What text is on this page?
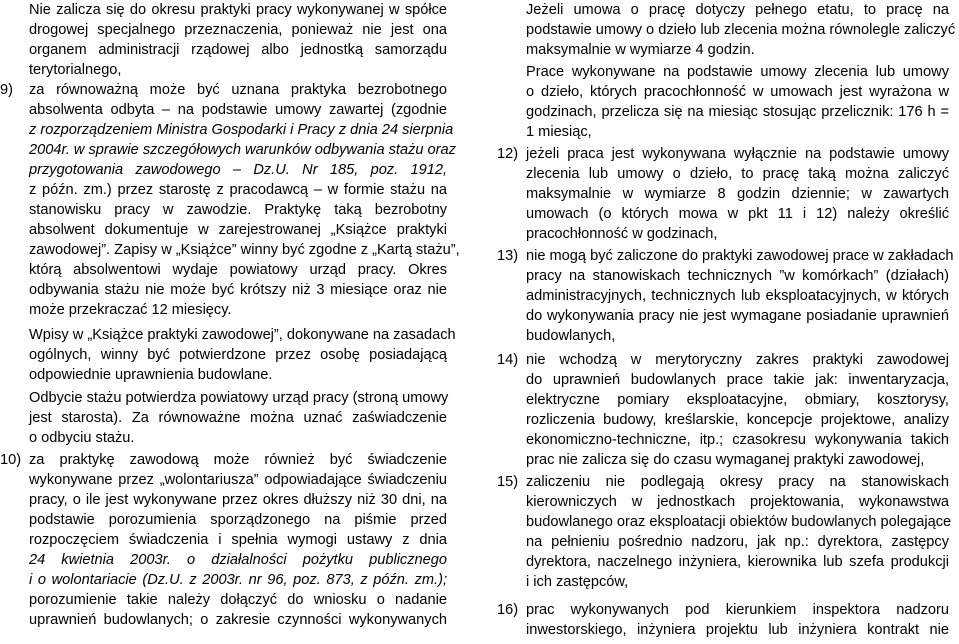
Nie zalicza się do okresu praktyki pracy wykonywanej w spółce
drogowej specjalnego przeznaczenia, ponieważ nie jest ona
organem administracji rządowej albo jednostką samorządu
terytorialnego,
9)	za równoważną może być uznana praktyka bezrobotnego
absolwenta odbyta – na podstawie umowy zawartej (zgodnie
z rozporządzeniem Ministra Gospodarki i Pracy z dnia 24 sierpnia
2004r. w sprawie szczegółowych warunków odbywania stażu oraz
przygotowania zawodowego – Dz.U. Nr 185, poz. 1912,
z późn. zm.) przez starostę z pracodawcą – w formie stażu na
stanowisku pracy w zawodzie. Praktykę taką bezrobotny
absolwent dokumentuje w zarejestrowanej „Książce praktyki
zawodowej”. Zapisy w „Książce” winny być zgodne z „Kartą stażu”,
którą absolwentowi wydaje powiatowy urząd pracy. Okres
odbywania stażu nie może być krótszy niż 3 miesiące oraz nie
może przekraczać 12 miesięcy.
Wpisy w „Książce praktyki zawodowej”, dokonywane na zasadach
ogólnych, winny być potwierdzone przez osobę posiadającą
odpowiednie uprawnienia budowlane.
Odbycie stażu potwierdza powiatowy urząd pracy (stroną umowy
jest starosta). Za równoważne można uznać zaświadczenie
o odbyciu stażu.
10) za praktykę zawodową może również być świadczenie
wykonywane przez „wolontariusza” odpowiadające świadczeniu
pracy, o ile jest wykonywane przez okres dłuższy niż 30 dni, na
podstawie porozumienia sporządzonego na piśmie przed
rozpoczęciem świadczenia i spełnia wymogi ustawy z dnia
24 kwietnia 2003r. o działalności pożytku publicznego
i o wolontariacie (Dz.U. z 2003r. nr 96, poz. 873, z późn. zm.);
porozumienie takie należy dołączyć do wniosku o nadanie
uprawnień budowlanych; o zakresie czynności wykonywanych
Jeżeli umowa o pracę dotyczy pełnego etatu, to pracę na
podstawie umowy o dzieło lub zlecenia można równolegle zaliczyć
maksymalnie w wymiarze 4 godzin.
Prace wykonywane na podstawie umowy zlecenia lub umowy
o dzieło, których pracochłonność w umowach jest wyrażona w
godzinach, przelicza się na miesiąc stosując przelicznik: 176 h =
1 miesiąc,
12) jeżeli praca jest wykonywana wyłącznie na podstawie umowy
zlecenia lub umowy o dzieło, to pracę taką można zaliczyć
maksymalnie w wymiarze 8 godzin dziennie; w zawartych
umowach (o których mowa w pkt 11 i 12) należy określić
pracochłonność w godzinach,
13) nie mogą być zaliczone do praktyki zawodowej prace w zakładach
pracy na stanowiskach technicznych ”w komórkach” (działach)
administracyjnych, technicznych lub eksploatacyjnych, w których
do wykonywania pracy nie jest wymagane posiadanie uprawnień
budowlanych,
14) nie wchodzą w merytoryczny zakres praktyki zawodowej
do uprawnień budowlanych prace takie jak: inwentaryzacja,
elektryczne pomiary eksploatacyjne, obmiary, kosztorysy,
rozliczenia budowy, kreślarskie, koncepcje projektowe, analizy
ekonomiczno-techniczne, itp.; czasokresu wykonywania takich
prac nie zalicza się do czasu wymaganej praktyki zawodowej,
15) zaliczeniu nie podlegają okresy pracy na stanowiskach
kierowniczych w jednostkach projektowania, wykonawstwa
budowlanego oraz eksploatacji obiektów budowlanych polegające
na pełnieniu pośrednio nadzoru, jak np.: dyrektora, zastępcy
dyrektora, naczelnego inżyniera, kierownika lub szefa produkcji
i ich zastępców,
16) prac wykonywanych pod kierunkiem inspektora nadzoru
inwestorskiego, inżyniera projektu lub inżyniera kontrakt nie
